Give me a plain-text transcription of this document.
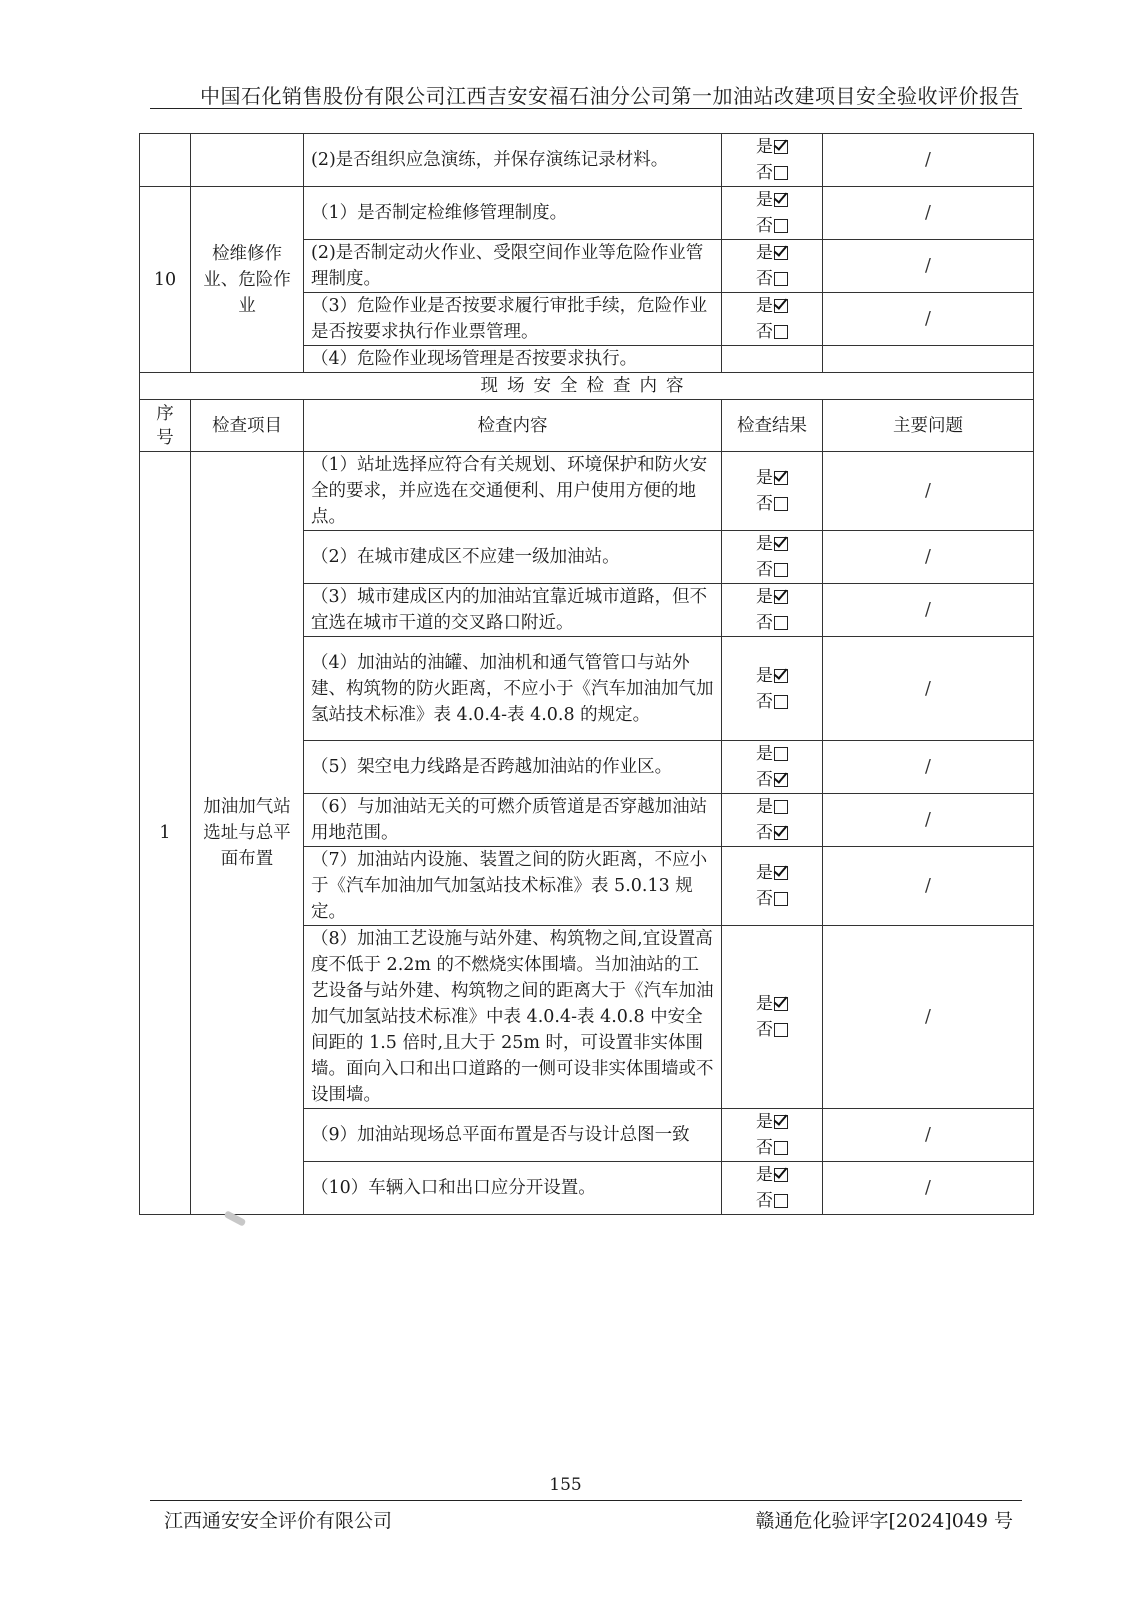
中国石化销售股份有限公司江西吉安安福石油分公司第一加油站改建项目安全验收评价报告
		(2)是否组织应急演练，并保存演练记录材料。	是
否	/
10	检维修作业、危险作业	（1）是否制定检维修管理制度。	是
否	/
		(2)是否制定动火作业、受限空间作业等危险作业管理制度。	是
否	/
		（3）危险作业是否按要求履行审批手续，危险作业是否按要求执行作业票管理。	是
否	/
		（4）危险作业现场管理是否按要求执行。		
现场安全检查内容				
序号	检查项目	检查内容	检查结果	主要问题
1	加油加气站选址与总平面布置	（1）站址选择应符合有关规划、环境保护和防火安全的要求，并应选在交通便利、用户使用方便的地点。	是
否	/
		（2）在城市建成区不应建一级加油站。	是
否	/
		（3）城市建成区内的加油站宜靠近城市道路，但不宜选在城市干道的交叉路口附近。	是
否	/
		（4）加油站的油罐、加油机和通气管管口与站外建、构筑物的防火距离，不应小于《汽车加油加气加氢站技术标准》表 4.0.4-表 4.0.8 的规定。	是
否	/
		（5）架空电力线路是否跨越加油站的作业区。	是
否	/
		（6）与加油站无关的可燃介质管道是否穿越加油站用地范围。	是
否	/
		（7）加油站内设施、装置之间的防火距离，不应小于《汽车加油加气加氢站技术标准》表 5.0.13 规定。	是
否	/
		（8）加油工艺设施与站外建、构筑物之间,宜设置高度不低于 2.2m 的不燃烧实体围墙。当加油站的工艺设备与站外建、构筑物之间的距离大于《汽车加油加气加氢站技术标准》中表 4.0.4-表 4.0.8 中安全间距的 1.5 倍时,且大于 25m 时，可设置非实体围墙。面向入口和出口道路的一侧可设非实体围墙或不设围墙。	是
否	/
		（9）加油站现场总平面布置是否与设计总图一致	是
否	/
		（10）车辆入口和出口应分开设置。	是
否	/
155
江西通安安全评价有限公司	赣通危化验评字[2024]049 号
